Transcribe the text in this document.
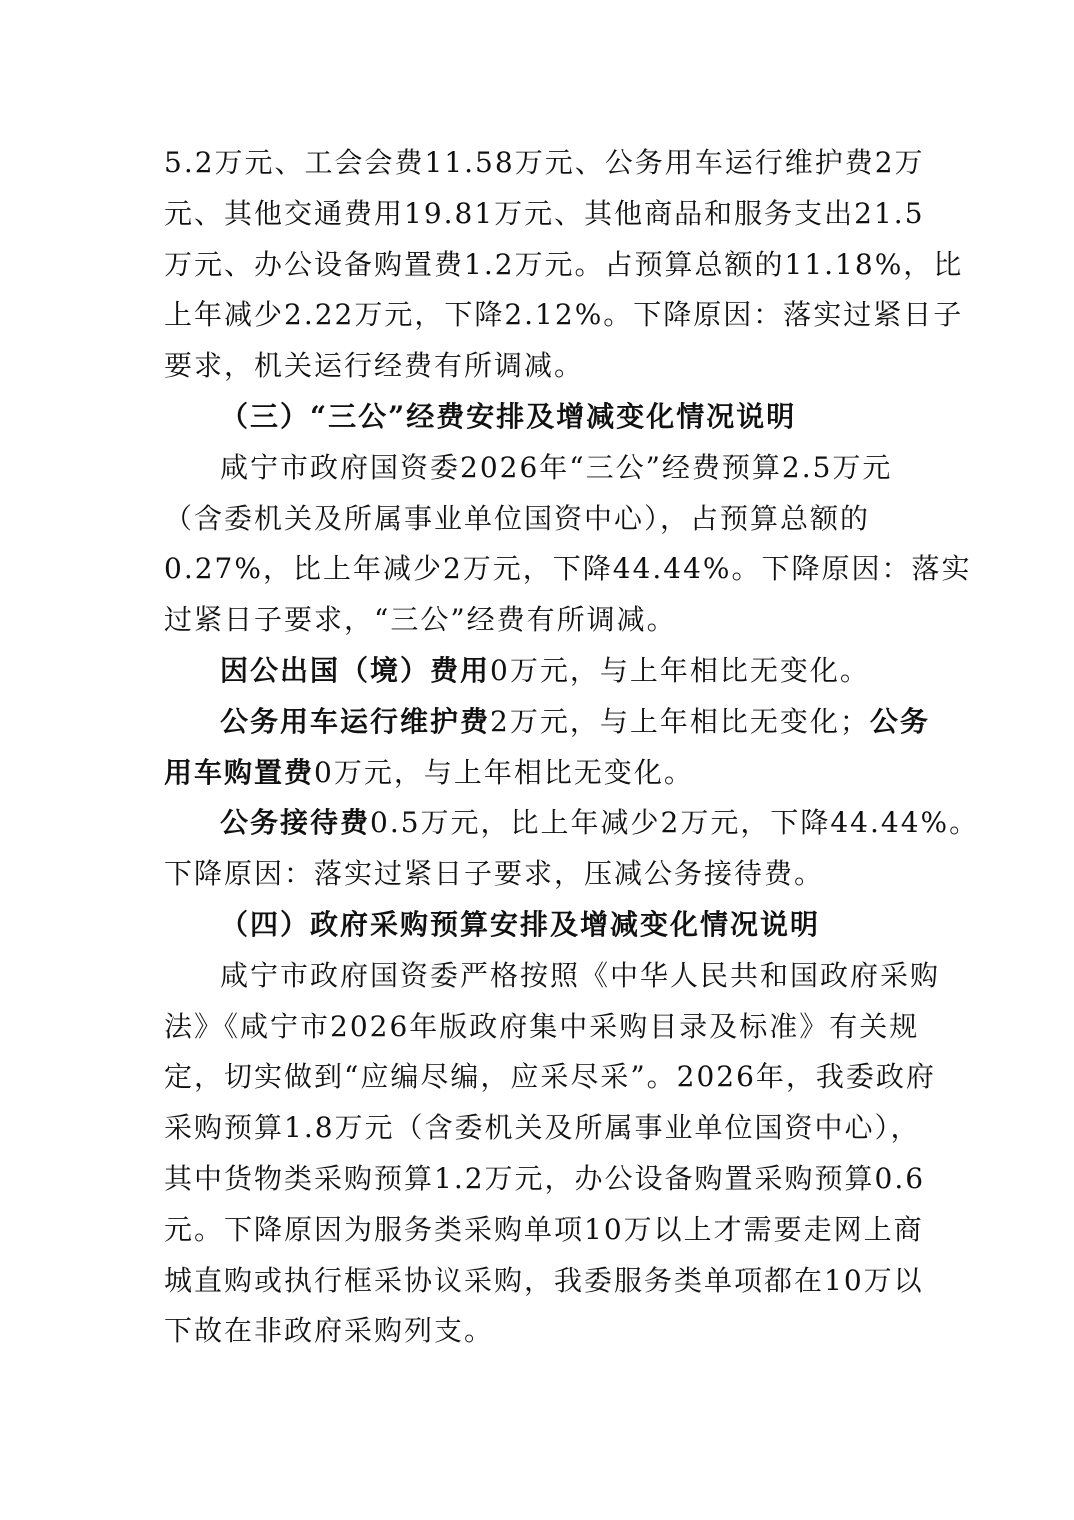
5.2万元、工会会费11.58万元、公务用车运行维护费2万
元、其他交通费用19.81万元、其他商品和服务支出21.5
万元、办公设备购置费1.2万元。占预算总额的11.18%，比
上年减少2.22万元，下降2.12%。下降原因：落实过紧日子
要求，机关运行经费有所调减。
（三）“三公”经费安排及增减变化情况说明
咸宁市政府国资委2026年“三公”经费预算2.5万元
（含委机关及所属事业单位国资中心），占预算总额的
0.27%，比上年减少2万元，下降44.44%。下降原因：落实
过紧日子要求，“三公”经费有所调减。
因公出国（境）费用0万元，与上年相比无变化。
公务用车运行维护费2万元，与上年相比无变化；公务
用车购置费0万元，与上年相比无变化。
公务接待费0.5万元，比上年减少2万元，下降44.44%。
下降原因：落实过紧日子要求，压减公务接待费。
（四）政府采购预算安排及增减变化情况说明
咸宁市政府国资委严格按照《中华人民共和国政府采购
法》《咸宁市2026年版政府集中采购目录及标准》有关规
定，切实做到“应编尽编，应采尽采”。2026年，我委政府
采购预算1.8万元（含委机关及所属事业单位国资中心），
其中货物类采购预算1.2万元，办公设备购置采购预算0.6
元。下降原因为服务类采购单项10万以上才需要走网上商
城直购或执行框采协议采购，我委服务类单项都在10万以
下故在非政府采购列支。
